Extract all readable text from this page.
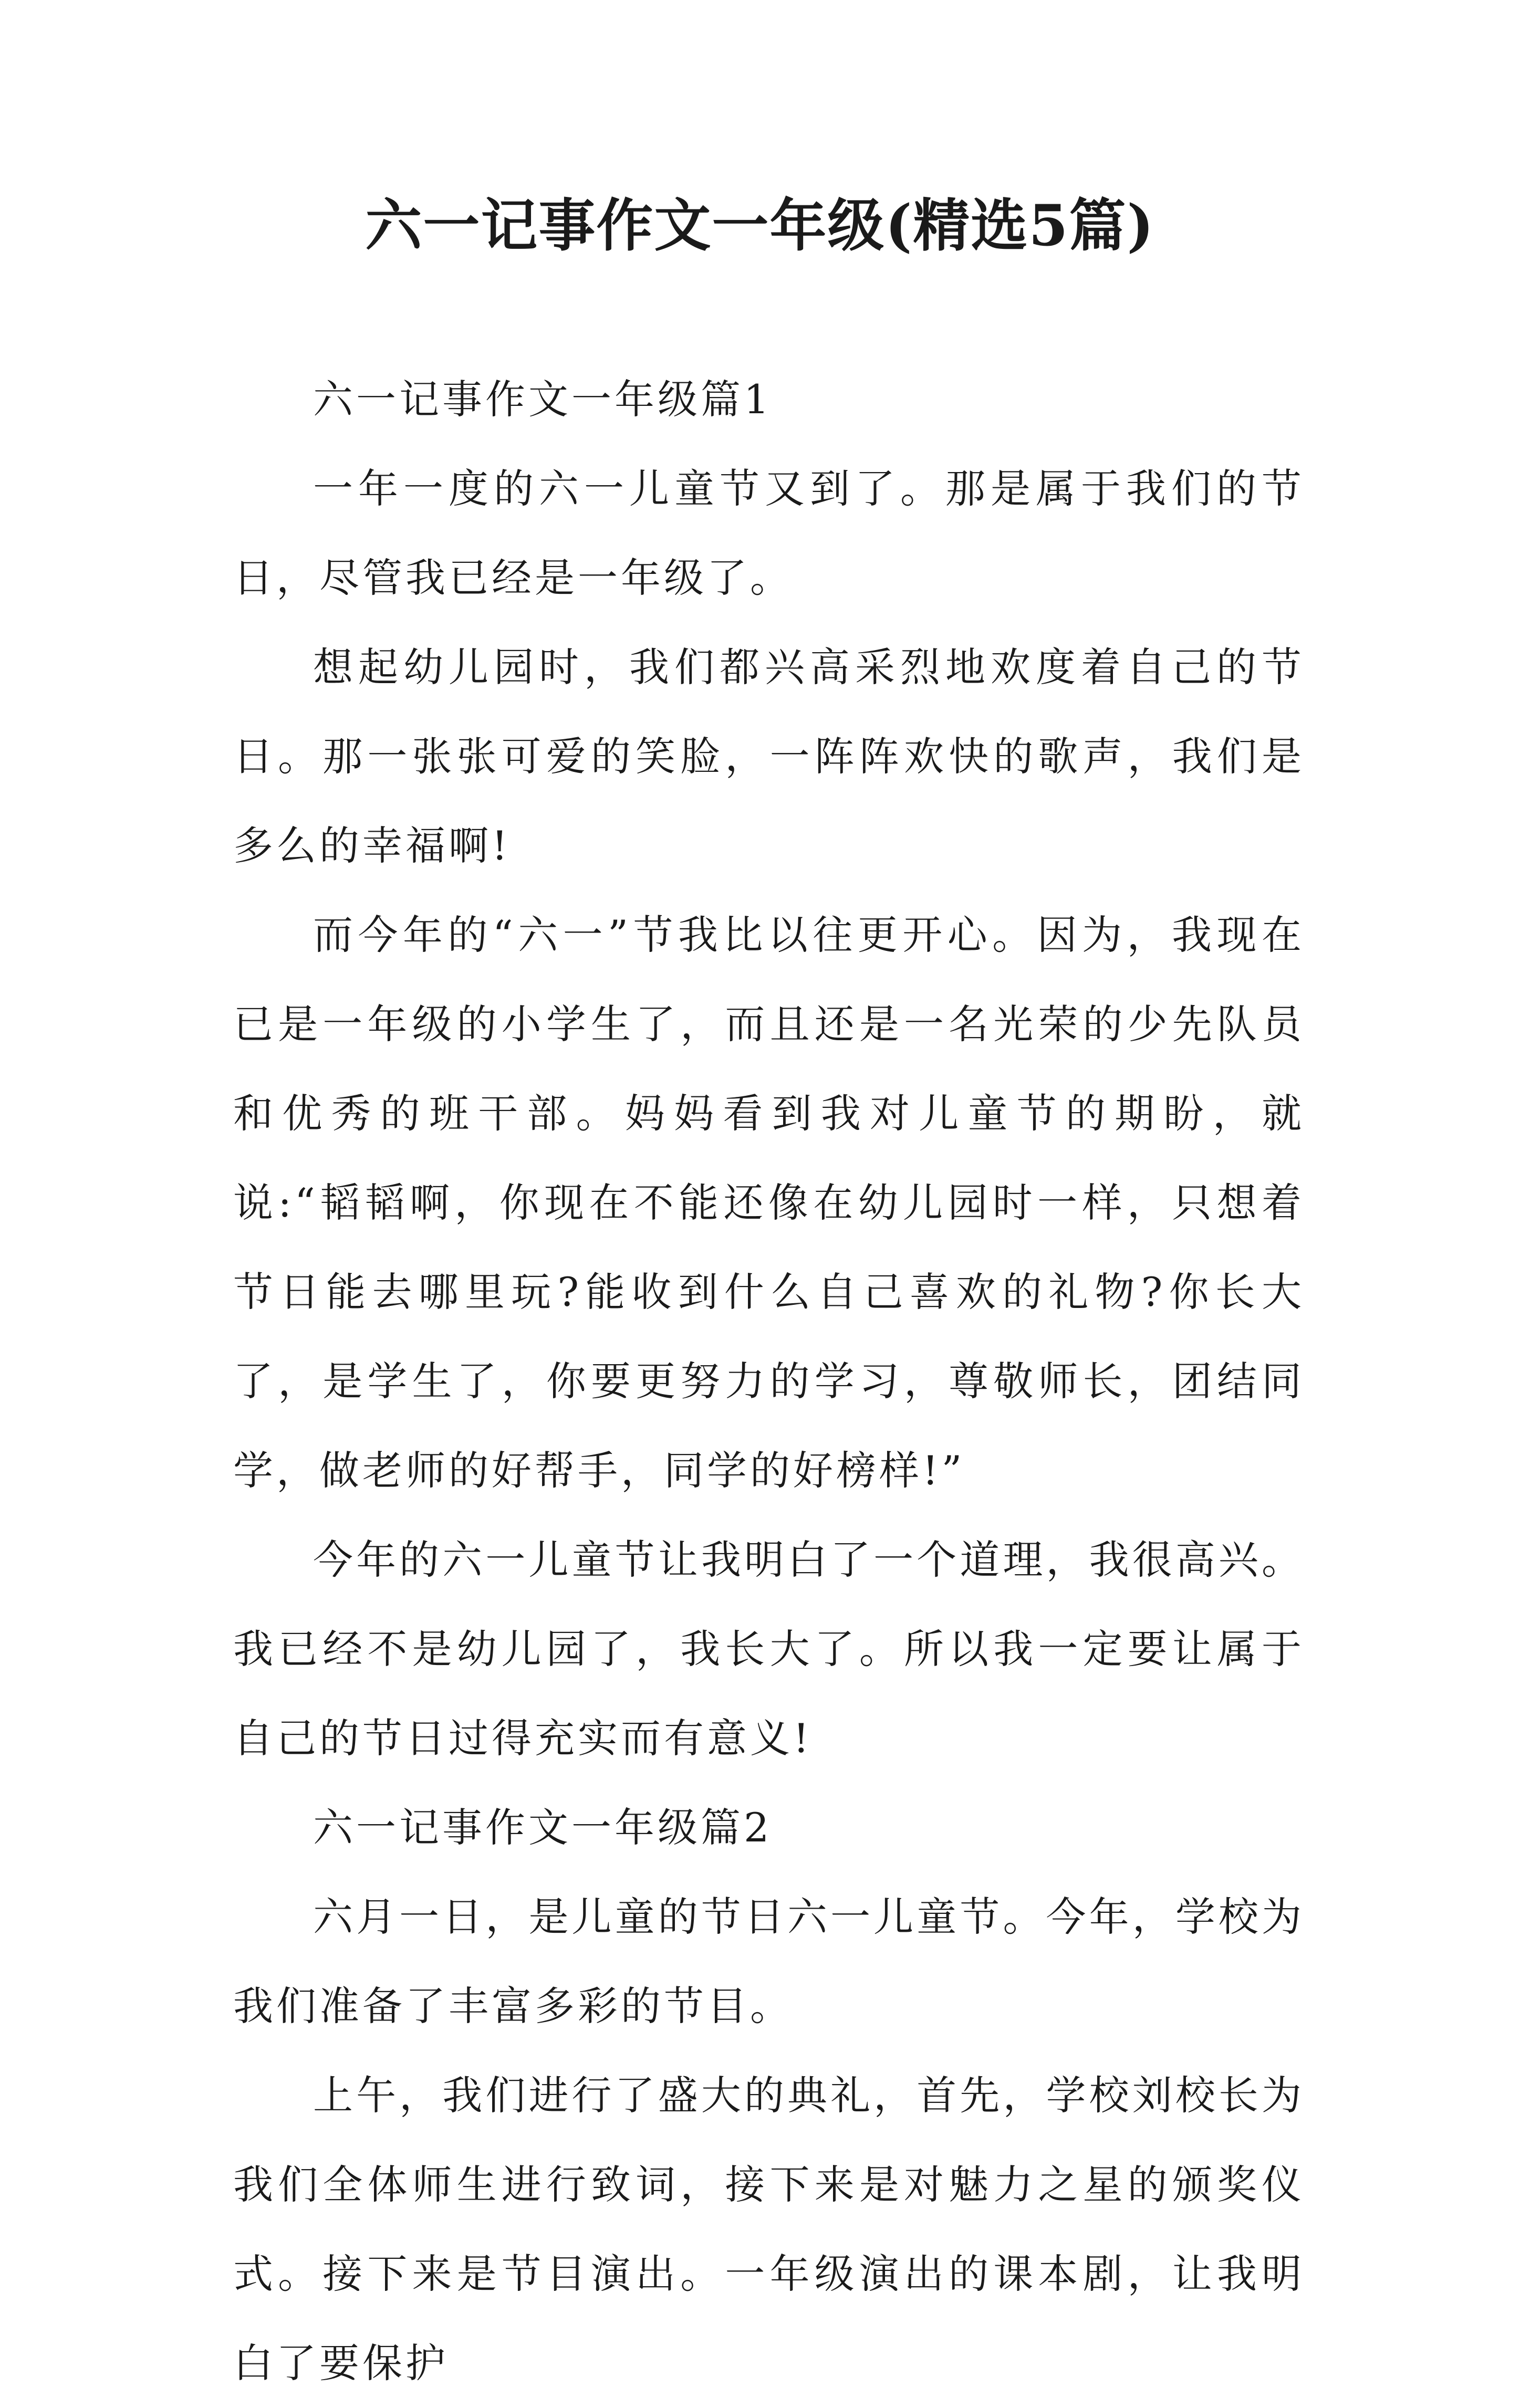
六一记事作文一年级(精选5篇)

六一记事作文一年级篇1

一年一度的六一儿童节又到了。那是属于我们的节日，尽管我已经是一年级了。

想起幼儿园时，我们都兴高采烈地欢度着自己的节日。那一张张可爱的笑脸，一阵阵欢快的歌声，我们是多么的幸福啊!

而今年的“六一”节我比以往更开心。因为，我现在已是一年级的小学生了，而且还是一名光荣的少先队员和优秀的班干部。妈妈看到我对儿童节的期盼，就说:“韬韬啊，你现在不能还像在幼儿园时一样，只想着节日能去哪里玩?能收到什么自己喜欢的礼物?你长大了，是学生了，你要更努力的学习，尊敬师长，团结同学，做老师的好帮手，同学的好榜样!”

今年的六一儿童节让我明白了一个道理，我很高兴。我已经不是幼儿园了，我长大了。所以我一定要让属于自己的节日过得充实而有意义!

六一记事作文一年级篇2

六月一日，是儿童的节日六一儿童节。今年，学校为我们准备了丰富多彩的节目。

上午，我们进行了盛大的典礼，首先，学校刘校长为我们全体师生进行致词，接下来是对魅力之星的颁奖仪式。接下来是节目演出。一年级演出的课本剧，让我明白了要保护
